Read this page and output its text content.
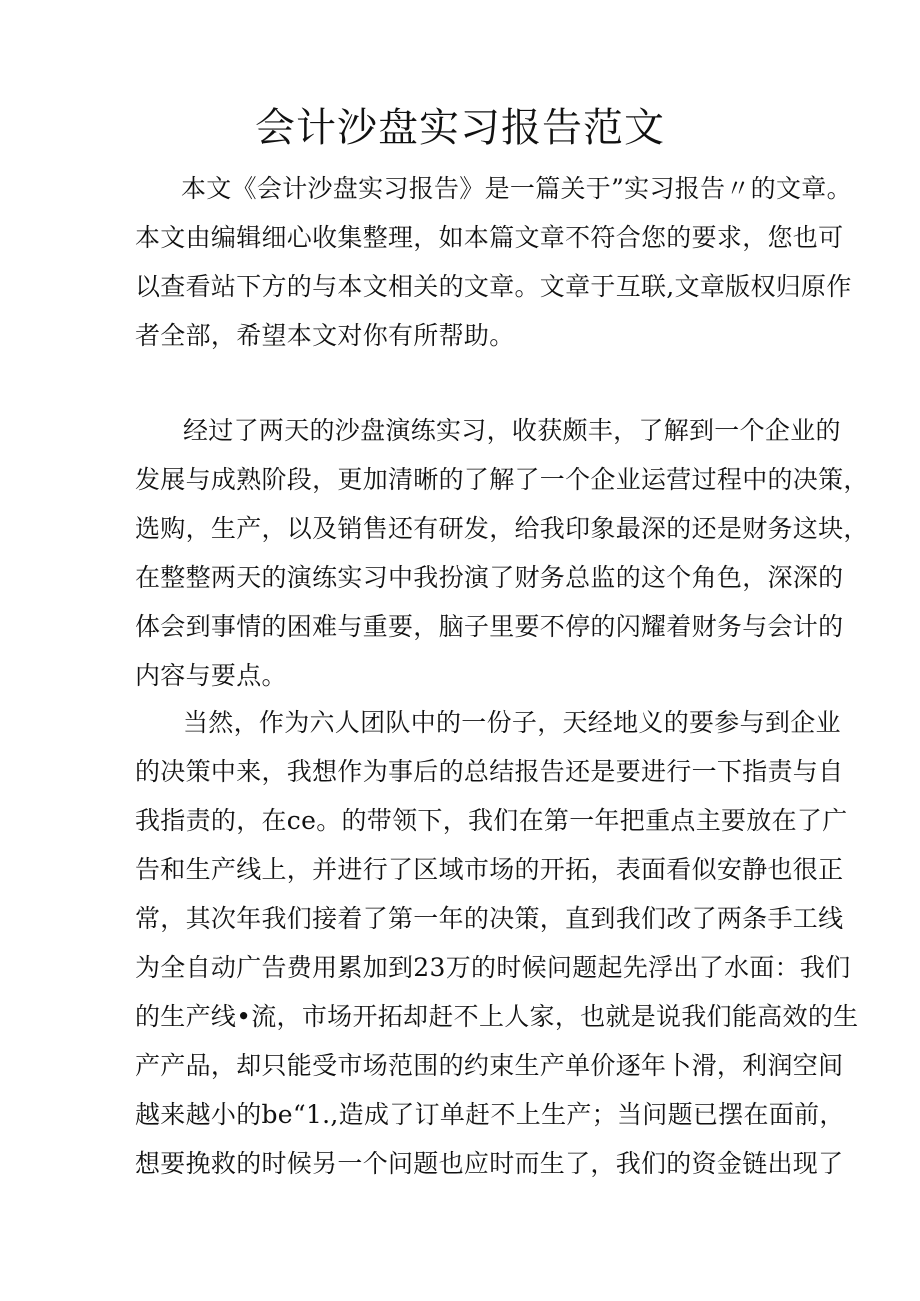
会计沙盘实习报告范文
本文《会计沙盘实习报告》是一篇关于”实习报告〃的文章。
本文由编辑细心收集整理，如本篇文章不符合您的要求，您也可
以查看站下方的与本文相关的文章。文章于互联,文章版权归原作
者全部，希望本文对你有所帮助。
经过了两天的沙盘演练实习，收获颇丰，了解到一个企业的
发展与成熟阶段，更加清晰的了解了一个企业运营过程中的决策，
选购，生产，以及销售还有研发，给我印象最深的还是财务这块，
在整整两天的演练实习中我扮演了财务总监的这个角色，深深的
体会到事情的困难与重要，脑子里要不停的闪耀着财务与会计的
内容与要点。
当然，作为六人团队中的一份子，天经地义的要参与到企业
的决策中来，我想作为事后的总结报告还是要进行一下指责与自
我指责的，在ce。的带领下，我们在第一年把重点主要放在了广
告和生产线上，并进行了区域市场的开拓，表面看似安静也很正
常，其次年我们接着了第一年的决策，直到我们改了两条手工线
为全自动广告费用累加到23万的时候问题起先浮出了水面：我们
的生产线•流，市场开拓却赶不上人家，也就是说我们能高效的生
产产品，却只能受市场范围的约束生产单价逐年卜滑，利润空间
越来越小的be“1.,造成了订单赶不上生产；当问题已摆在面前，
想要挽救的时候另一个问题也应时而生了，我们的资金链出现了
